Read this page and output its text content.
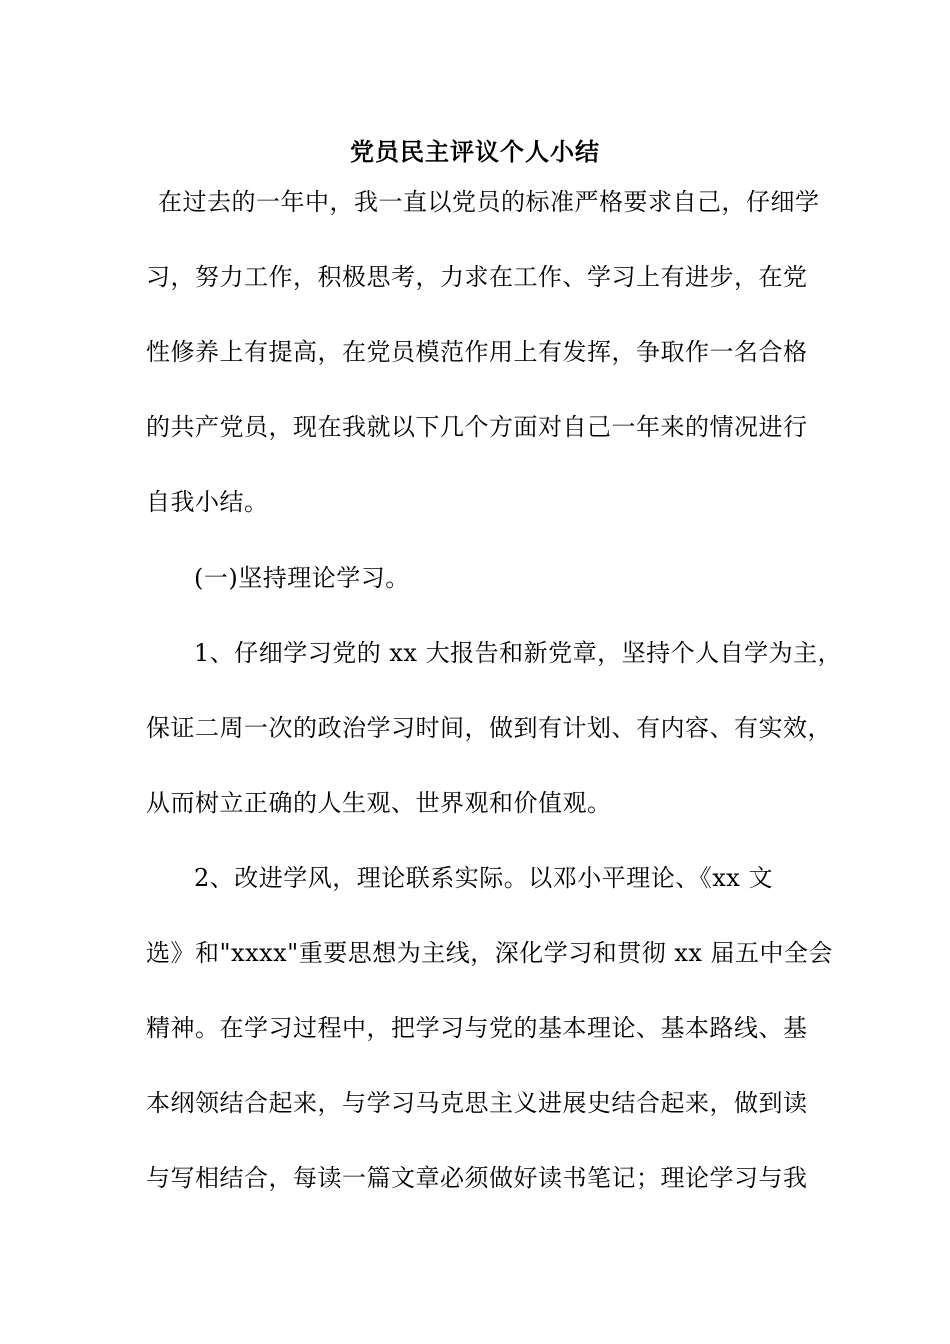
党员民主评议个人小结
在过去的一年中，我一直以党员的标准严格要求自己，仔细学
习，努力工作，积极思考，力求在工作、学习上有进步，在党
性修养上有提高，在党员模范作用上有发挥，争取作一名合格
的共产党员，现在我就以下几个方面对自己一年来的情况进行
自我小结。
(一)坚持理论学习。
1、仔细学习党的 xx 大报告和新党章，坚持个人自学为主，
保证二周一次的政治学习时间，做到有计划、有内容、有实效，
从而树立正确的人生观、世界观和价值观。
2、改进学风，理论联系实际。以邓小平理论、《xx 文
选》和"xxxx"重要思想为主线，深化学习和贯彻 xx 届五中全会
精神。在学习过程中，把学习与党的基本理论、基本路线、基
本纲领结合起来，与学习马克思主义进展史结合起来，做到读
与写相结合，每读一篇文章必须做好读书笔记；理论学习与我
